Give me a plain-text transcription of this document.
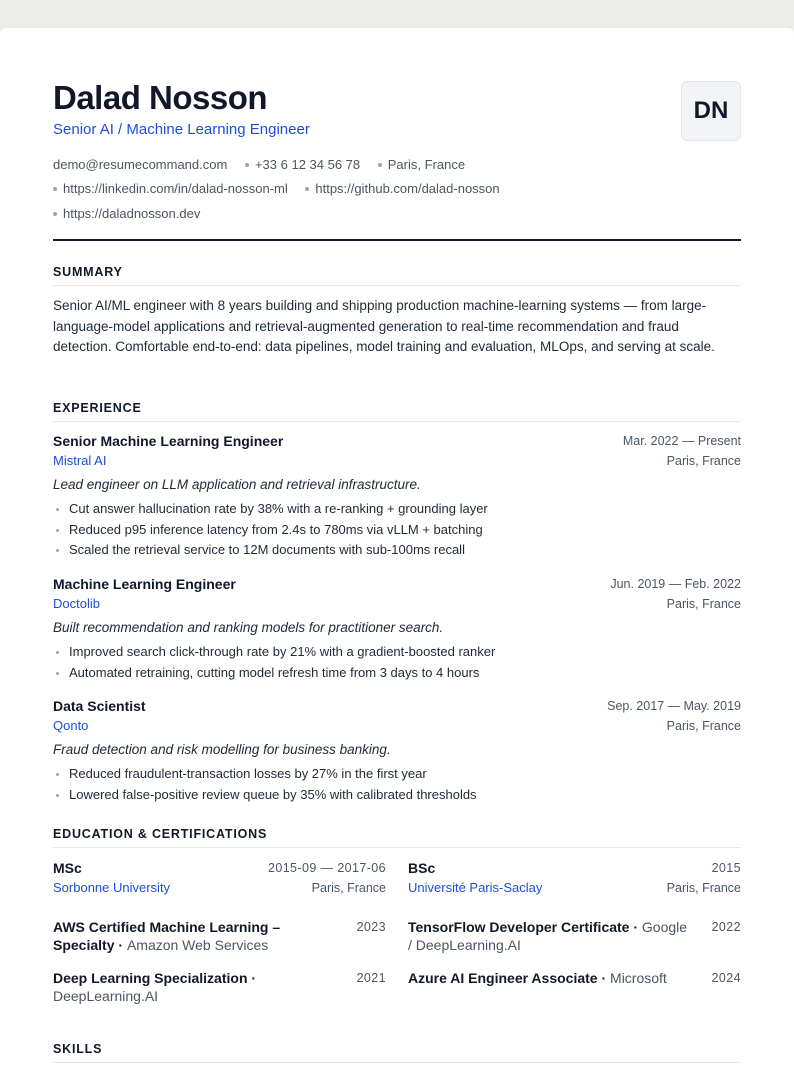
Dalad Nosson
Senior AI / Machine Learning Engineer
DN
demo@resumecommand.com +33 6 12 34 56 78 Paris, France
https://linkedin.com/in/dalad-nosson-ml https://github.com/dalad-nosson
https://daladnosson.dev
SUMMARY
Senior AI/ML engineer with 8 years building and shipping production machine-learning systems — from large-language-model applications and retrieval-augmented generation to real-time recommendation and fraud detection. Comfortable end-to-end: data pipelines, model training and evaluation, MLOps, and serving at scale.
EXPERIENCE
Senior Machine Learning Engineer
Mistral AI
Mar. 2022 — Present
Paris, France
Lead engineer on LLM application and retrieval infrastructure.
Cut answer hallucination rate by 38% with a re-ranking + grounding layer
Reduced p95 inference latency from 2.4s to 780ms via vLLM + batching
Scaled the retrieval service to 12M documents with sub-100ms recall
Machine Learning Engineer
Doctolib
Jun. 2019 — Feb. 2022
Paris, France
Built recommendation and ranking models for practitioner search.
Improved search click-through rate by 21% with a gradient-boosted ranker
Automated retraining, cutting model refresh time from 3 days to 4 hours
Data Scientist
Qonto
Sep. 2017 — May. 2019
Paris, France
Fraud detection and risk modelling for business banking.
Reduced fraudulent-transaction losses by 27% in the first year
Lowered false-positive review queue by 35% with calibrated thresholds
EDUCATION & CERTIFICATIONS
MSc
Sorbonne University
2015-09 — 2017-06
Paris, France
BSc
Université Paris-Saclay
2015
Paris, France
AWS Certified Machine Learning – Specialty · Amazon Web Services
2023 TensorFlow Developer Certificate · Google / DeepLearning.AI
2022
Deep Learning Specialization · DeepLearning.AI
2021 Azure AI Engineer Associate · Microsoft	2024
SKILLS
